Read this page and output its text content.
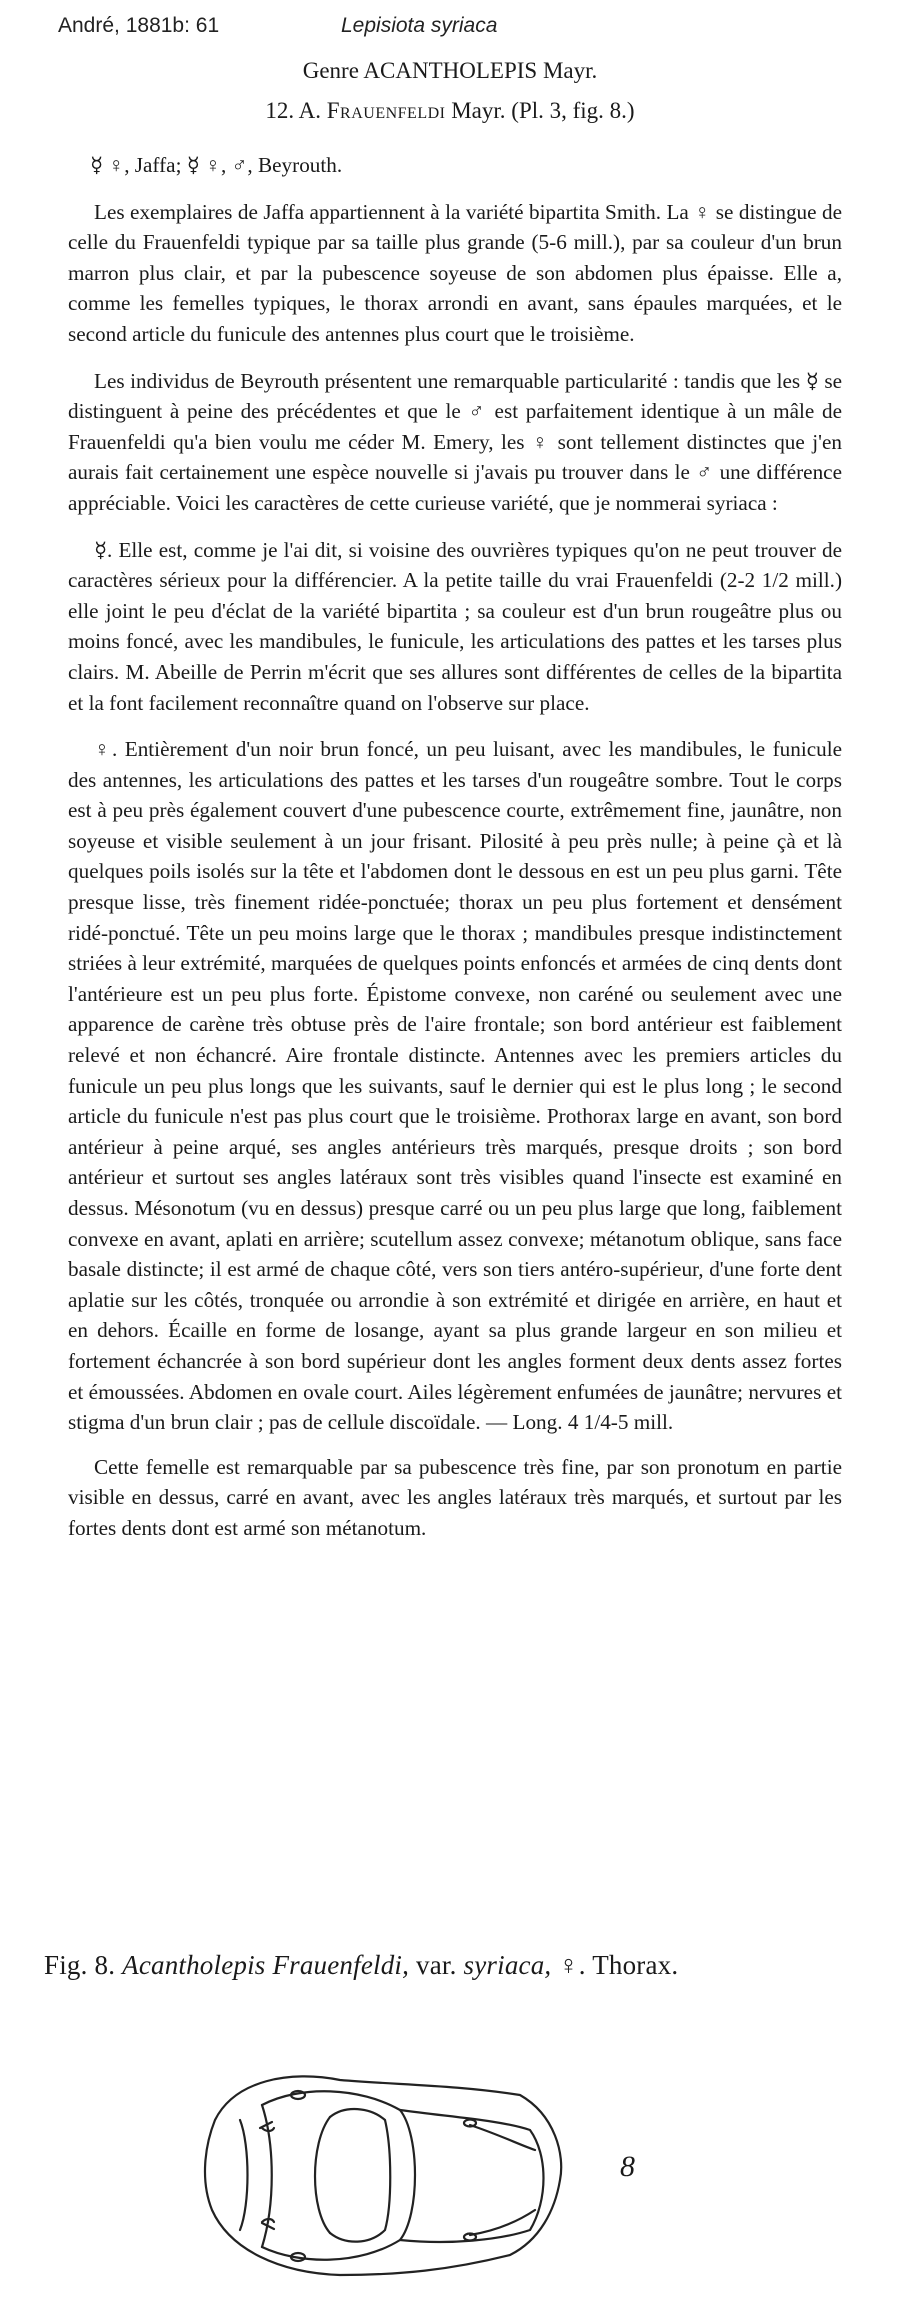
André, 1881b: 61	Lepisiota syriaca
Genre ACANTHOLEPIS Mayr.
12. A. Frauenfeldi Mayr. (Pl. 3, fig. 8.)

☿ ♀, Jaffa; ☿ ♀, ♂, Beyrouth.

Les exemplaires de Jaffa appartiennent à la variété bipartita Smith. La ♀ se distingue de celle du Frauenfeldi typique par sa taille plus grande (5-6 mill.), par sa couleur d'un brun marron plus clair, et par la pubescence soyeuse de son abdomen plus épaisse. Elle a, comme les femelles typiques, le thorax arrondi en avant, sans épaules marquées, et le second article du funicule des antennes plus court que le troisième.

Les individus de Beyrouth présentent une remarquable particularité : tandis que les ☿ se distinguent à peine des précédentes et que le ♂ est parfaitement identique à un mâle de Frauenfeldi qu'a bien voulu me céder M. Emery, les ♀ sont tellement distinctes que j'en aurais fait certainement une espèce nouvelle si j'avais pu trouver dans le ♂ une différence appréciable. Voici les caractères de cette curieuse variété, que je nommerai syriaca :

☿. Elle est, comme je l'ai dit, si voisine des ouvrières typiques qu'on ne peut trouver de caractères sérieux pour la différencier. A la petite taille du vrai Frauenfeldi (2-2 1/2 mill.) elle joint le peu d'éclat de la variété bipartita ; sa couleur est d'un brun rougeâtre plus ou moins foncé, avec les mandibules, le funicule, les articulations des pattes et les tarses plus clairs. M. Abeille de Perrin m'écrit que ses allures sont différentes de celles de la bipartita et la font facilement reconnaître quand on l'observe sur place.

♀. Entièrement d'un noir brun foncé, un peu luisant, avec les mandibules, le funicule des antennes, les articulations des pattes et les tarses d'un rougeâtre sombre. Tout le corps est à peu près également couvert d'une pubescence courte, extrêmement fine, jaunâtre, non soyeuse et visible seulement à un jour frisant. Pilosité à peu près nulle; à peine çà et là quelques poils isolés sur la tête et l'abdomen dont le dessous en est un peu plus garni. Tête presque lisse, très finement ridée-ponctuée; thorax un peu plus fortement et densément ridé-ponctué. Tête un peu moins large que le thorax ; mandibules presque indistinctement striées à leur extrémité, marquées de quelques points enfoncés et armées de cinq dents dont l'antérieure est un peu plus forte. Épistome convexe, non caréné ou seulement avec une apparence de carène très obtuse près de l'aire frontale; son bord antérieur est faiblement relevé et non échancré. Aire frontale distincte. Antennes avec les premiers articles du funicule un peu plus longs que les suivants, sauf le dernier qui est le plus long ; le second article du funicule n'est pas plus court que le troisième. Prothorax large en avant, son bord antérieur à peine arqué, ses angles antérieurs très marqués, presque droits ; son bord antérieur et surtout ses angles latéraux sont très visibles quand l'insecte est examiné en dessus. Mésonotum (vu en dessus) presque carré ou un peu plus large que long, faiblement convexe en avant, aplati en arrière; scutellum assez convexe; métanotum oblique, sans face basale distincte; il est armé de chaque côté, vers son tiers antéro-supérieur, d'une forte dent aplatie sur les côtés, tronquée ou arrondie à son extrémité et dirigée en arrière, en haut et en dehors. Écaille en forme de losange, ayant sa plus grande largeur en son milieu et fortement échancrée à son bord supérieur dont les angles forment deux dents assez fortes et émoussées. Abdomen en ovale court. Ailes légèrement enfumées de jaunâtre; nervures et stigma d'un brun clair ; pas de cellule discoïdale. — Long. 4 1/4-5 mill.

Cette femelle est remarquable par sa pubescence très fine, par son pronotum en partie visible en dessus, carré en avant, avec les angles latéraux très marqués, et surtout par les fortes dents dont est armé son métanotum.

Fig. 8. Acantholepis Frauenfeldi, var. syriaca, ♀. Thorax.
8
